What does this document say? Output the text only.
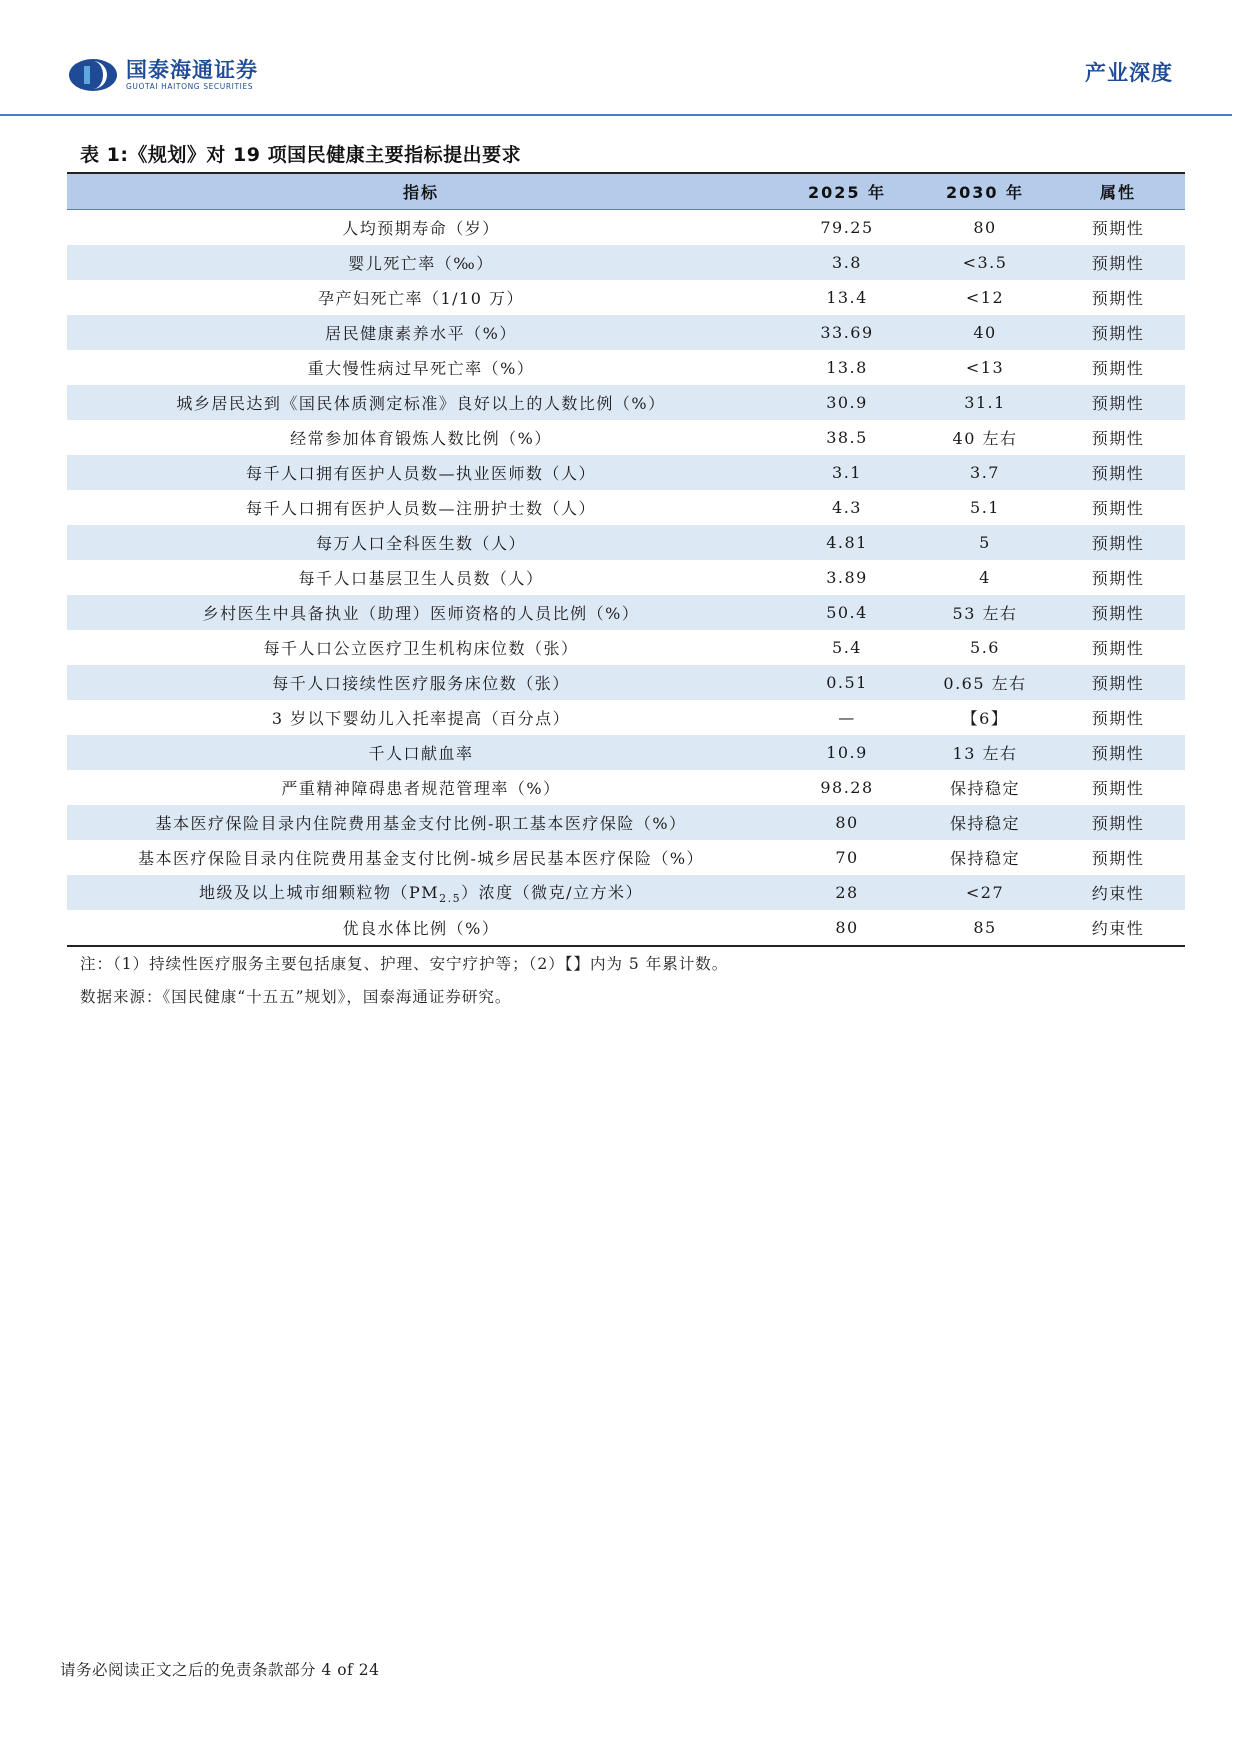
国泰海通证券
GUOTAI HAITONG SECURITIES
产业深度
表 1:《规划》对 19 项国民健康主要指标提出要求
指标	2025 年	2030 年	属性
人均预期寿命（岁）	79.25	80	预期性
婴儿死亡率（‰）	3.8	<3.5	预期性
孕产妇死亡率（1/10 万）	13.4	<12	预期性
居民健康素养水平（%）	33.69	40	预期性
重大慢性病过早死亡率（%）	13.8	<13	预期性
城乡居民达到《国民体质测定标准》良好以上的人数比例（%）	30.9	31.1	预期性
经常参加体育锻炼人数比例（%）	38.5	40 左右	预期性
每千人口拥有医护人员数—执业医师数（人）	3.1	3.7	预期性
每千人口拥有医护人员数—注册护士数（人）	4.3	5.1	预期性
每万人口全科医生数（人）	4.81	5	预期性
每千人口基层卫生人员数（人）	3.89	4	预期性
乡村医生中具备执业（助理）医师资格的人员比例（%）	50.4	53 左右	预期性
每千人口公立医疗卫生机构床位数（张）	5.4	5.6	预期性
每千人口接续性医疗服务床位数（张）	0.51	0.65 左右	预期性
3 岁以下婴幼儿入托率提高（百分点）	—	【6】	预期性
千人口献血率	10.9	13 左右	预期性
严重精神障碍患者规范管理率（%）	98.28	保持稳定	预期性
基本医疗保险目录内住院费用基金支付比例-职工基本医疗保险（%）	80	保持稳定	预期性
基本医疗保险目录内住院费用基金支付比例-城乡居民基本医疗保险（%）	70	保持稳定	预期性
地级及以上城市细颗粒物$(PM_{2.5})$浓度（微克/立方米）	28	<27	约束性
优良水体比例（%）	80	85	约束性
注：（1）持续性医疗服务主要包括康复、护理、安宁疗护等；（2）【】内为 5 年累计数。
数据来源：《国民健康“十五五”规划》，国泰海通证券研究。
请务必阅读正文之后的免责条款部分 4 of 24
